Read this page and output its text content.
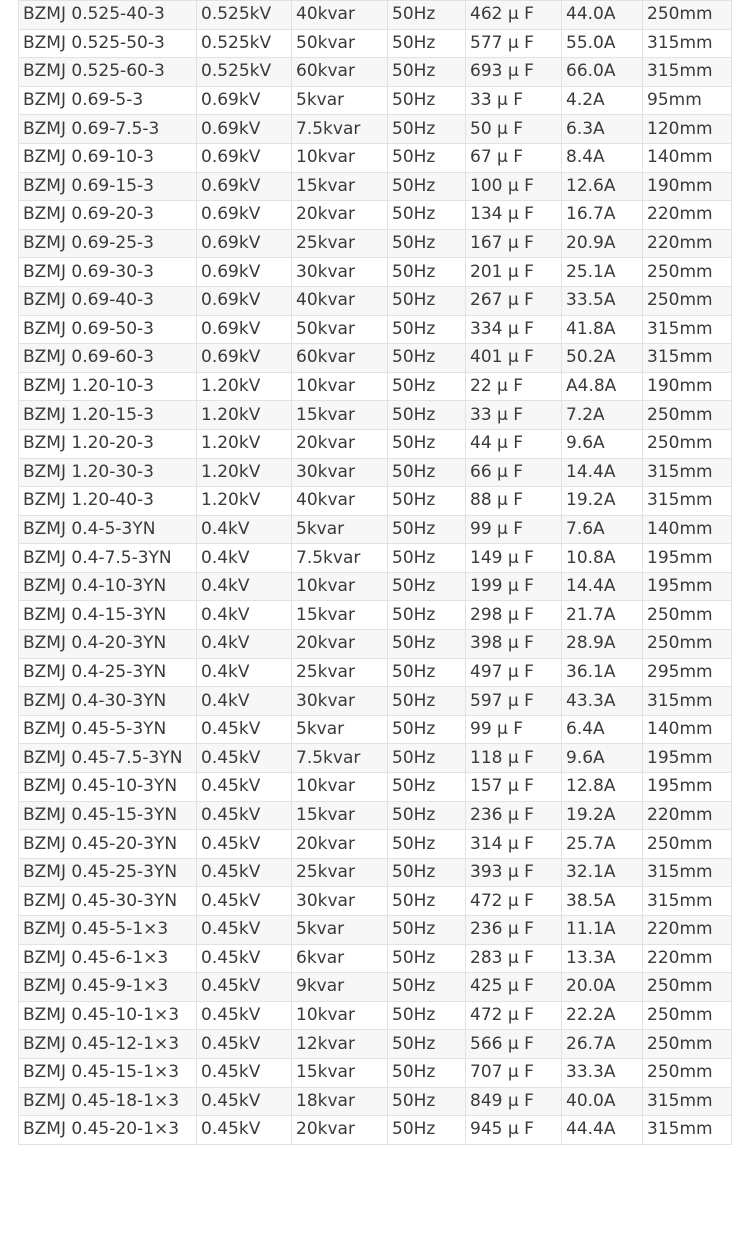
BZMJ 0.525-40-3	0.525kV	40kvar	50Hz	462 μ F	44.0A	250mm
BZMJ 0.525-50-3	0.525kV	50kvar	50Hz	577 μ F	55.0A	315mm
BZMJ 0.525-60-3	0.525kV	60kvar	50Hz	693 μ F	66.0A	315mm
BZMJ 0.69-5-3	0.69kV	5kvar	50Hz	33 μ F	4.2A	95mm
BZMJ 0.69-7.5-3	0.69kV	7.5kvar	50Hz	50 μ F	6.3A	120mm
BZMJ 0.69-10-3	0.69kV	10kvar	50Hz	67 μ F	8.4A	140mm
BZMJ 0.69-15-3	0.69kV	15kvar	50Hz	100 μ F	12.6A	190mm
BZMJ 0.69-20-3	0.69kV	20kvar	50Hz	134 μ F	16.7A	220mm
BZMJ 0.69-25-3	0.69kV	25kvar	50Hz	167 μ F	20.9A	220mm
BZMJ 0.69-30-3	0.69kV	30kvar	50Hz	201 μ F	25.1A	250mm
BZMJ 0.69-40-3	0.69kV	40kvar	50Hz	267 μ F	33.5A	250mm
BZMJ 0.69-50-3	0.69kV	50kvar	50Hz	334 μ F	41.8A	315mm
BZMJ 0.69-60-3	0.69kV	60kvar	50Hz	401 μ F	50.2A	315mm
BZMJ 1.20-10-3	1.20kV	10kvar	50Hz	22 μ F	A4.8A	190mm
BZMJ 1.20-15-3	1.20kV	15kvar	50Hz	33 μ F	7.2A	250mm
BZMJ 1.20-20-3	1.20kV	20kvar	50Hz	44 μ F	9.6A	250mm
BZMJ 1.20-30-3	1.20kV	30kvar	50Hz	66 μ F	14.4A	315mm
BZMJ 1.20-40-3	1.20kV	40kvar	50Hz	88 μ F	19.2A	315mm
BZMJ 0.4-5-3YN	0.4kV	5kvar	50Hz	99 μ F	7.6A	140mm
BZMJ 0.4-7.5-3YN	0.4kV	7.5kvar	50Hz	149 μ F	10.8A	195mm
BZMJ 0.4-10-3YN	0.4kV	10kvar	50Hz	199 μ F	14.4A	195mm
BZMJ 0.4-15-3YN	0.4kV	15kvar	50Hz	298 μ F	21.7A	250mm
BZMJ 0.4-20-3YN	0.4kV	20kvar	50Hz	398 μ F	28.9A	250mm
BZMJ 0.4-25-3YN	0.4kV	25kvar	50Hz	497 μ F	36.1A	295mm
BZMJ 0.4-30-3YN	0.4kV	30kvar	50Hz	597 μ F	43.3A	315mm
BZMJ 0.45-5-3YN	0.45kV	5kvar	50Hz	99 μ F	6.4A	140mm
BZMJ 0.45-7.5-3YN	0.45kV	7.5kvar	50Hz	118 μ F	9.6A	195mm
BZMJ 0.45-10-3YN	0.45kV	10kvar	50Hz	157 μ F	12.8A	195mm
BZMJ 0.45-15-3YN	0.45kV	15kvar	50Hz	236 μ F	19.2A	220mm
BZMJ 0.45-20-3YN	0.45kV	20kvar	50Hz	314 μ F	25.7A	250mm
BZMJ 0.45-25-3YN	0.45kV	25kvar	50Hz	393 μ F	32.1A	315mm
BZMJ 0.45-30-3YN	0.45kV	30kvar	50Hz	472 μ F	38.5A	315mm
BZMJ 0.45-5-1×3	0.45kV	5kvar	50Hz	236 μ F	11.1A	220mm
BZMJ 0.45-6-1×3	0.45kV	6kvar	50Hz	283 μ F	13.3A	220mm
BZMJ 0.45-9-1×3	0.45kV	9kvar	50Hz	425 μ F	20.0A	250mm
BZMJ 0.45-10-1×3	0.45kV	10kvar	50Hz	472 μ F	22.2A	250mm
BZMJ 0.45-12-1×3	0.45kV	12kvar	50Hz	566 μ F	26.7A	250mm
BZMJ 0.45-15-1×3	0.45kV	15kvar	50Hz	707 μ F	33.3A	250mm
BZMJ 0.45-18-1×3	0.45kV	18kvar	50Hz	849 μ F	40.0A	315mm
BZMJ 0.45-20-1×3	0.45kV	20kvar	50Hz	945 μ F	44.4A	315mm
